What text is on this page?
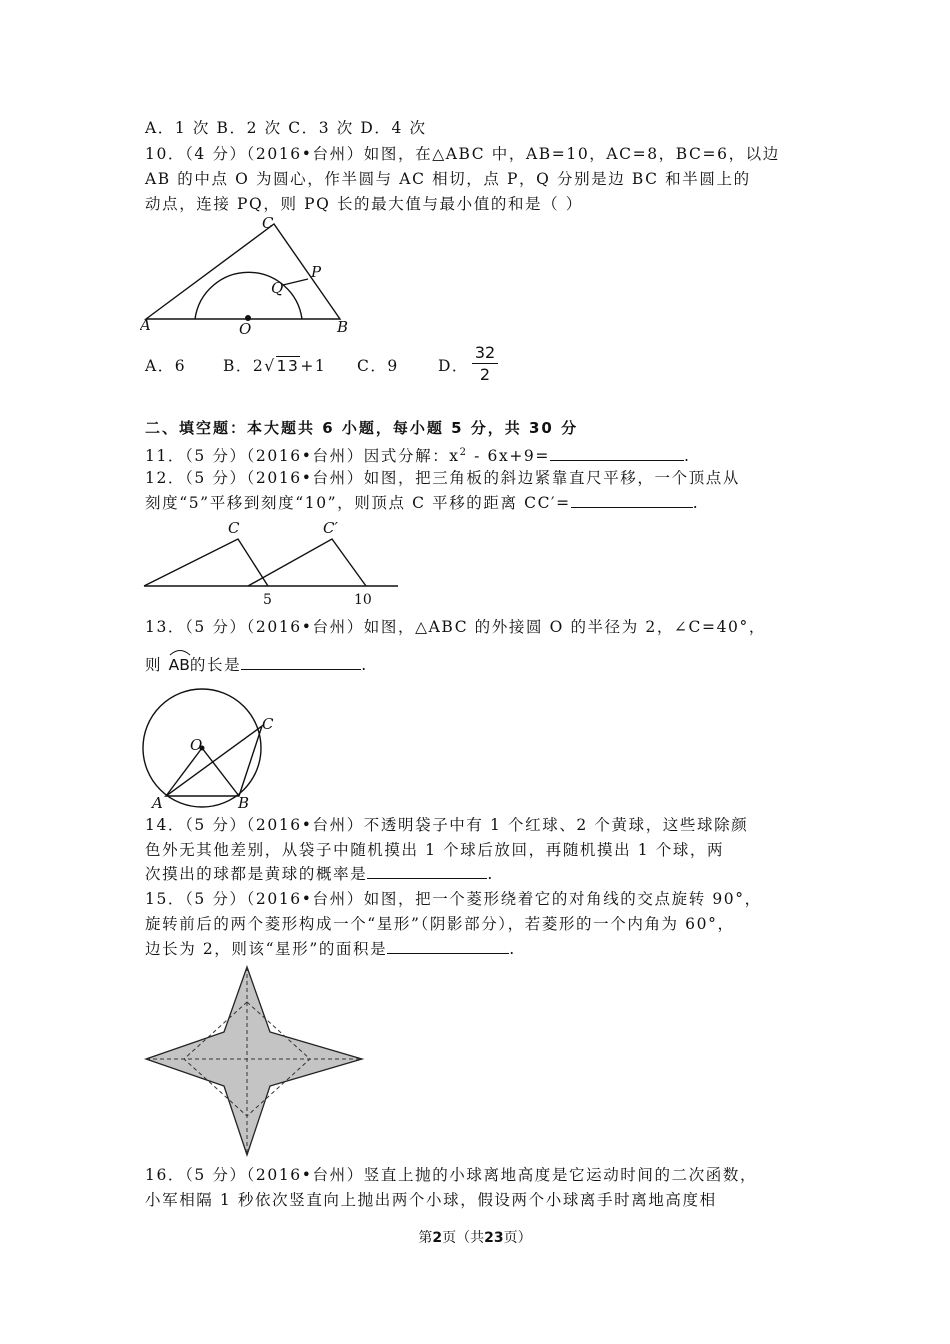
A．1 次 B．2 次 C．3 次 D．4 次
10．（4 分）（2016•台州）如图，在△ABC 中，AB=10，AC=8，BC=6，以边
AB 的中点 O 为圆心，作半圆与 AC 相切，点 P，Q 分别是边 BC 和半圆上的
动点，连接 PQ，则 PQ 长的最大值与最小值的和是（ ）
A	B
C
O
P
Q
A．6 B．2√13+1 C．9	D．
32
2
二、填空题：本大题共 6 小题，每小题 5 分，共 30 分
11．（5 分）（2016•台州）因式分解：$x^2 - 6x+9=$	.
12．（5 分）（2016•台州）如图，把三角板的斜边紧靠直尺平移，一个顶点从
刻度“5”平移到刻度“10”，则顶点 C 平移的距离 CC′=	.
C	C′
5	10
13．（5 分）（2016•台州）如图，△ABC 的外接圆 O 的半径为 2，∠C=40°，
则 AB的长是	.
A	B
C
O
14．（5 分）（2016•台州）不透明袋子中有 1 个红球、2 个黄球，这些球除颜
色外无其他差别，从袋子中随机摸出 1 个球后放回，再随机摸出 1 个球，两
次摸出的球都是黄球的概率是	.
15．（5 分）（2016•台州）如图，把一个菱形绕着它的对角线的交点旋转 90°，
旋转前后的两个菱形构成一个“星形”（阴影部分），若菱形的一个内角为 60°，
边长为 2，则该“星形”的面积是	.
16．（5 分）（2016•台州）竖直上抛的小球离地高度是它运动时间的二次函数，
小军相隔 1 秒依次竖直向上抛出两个小球，假设两个小球离手时离地高度相
第2页（共23页）
